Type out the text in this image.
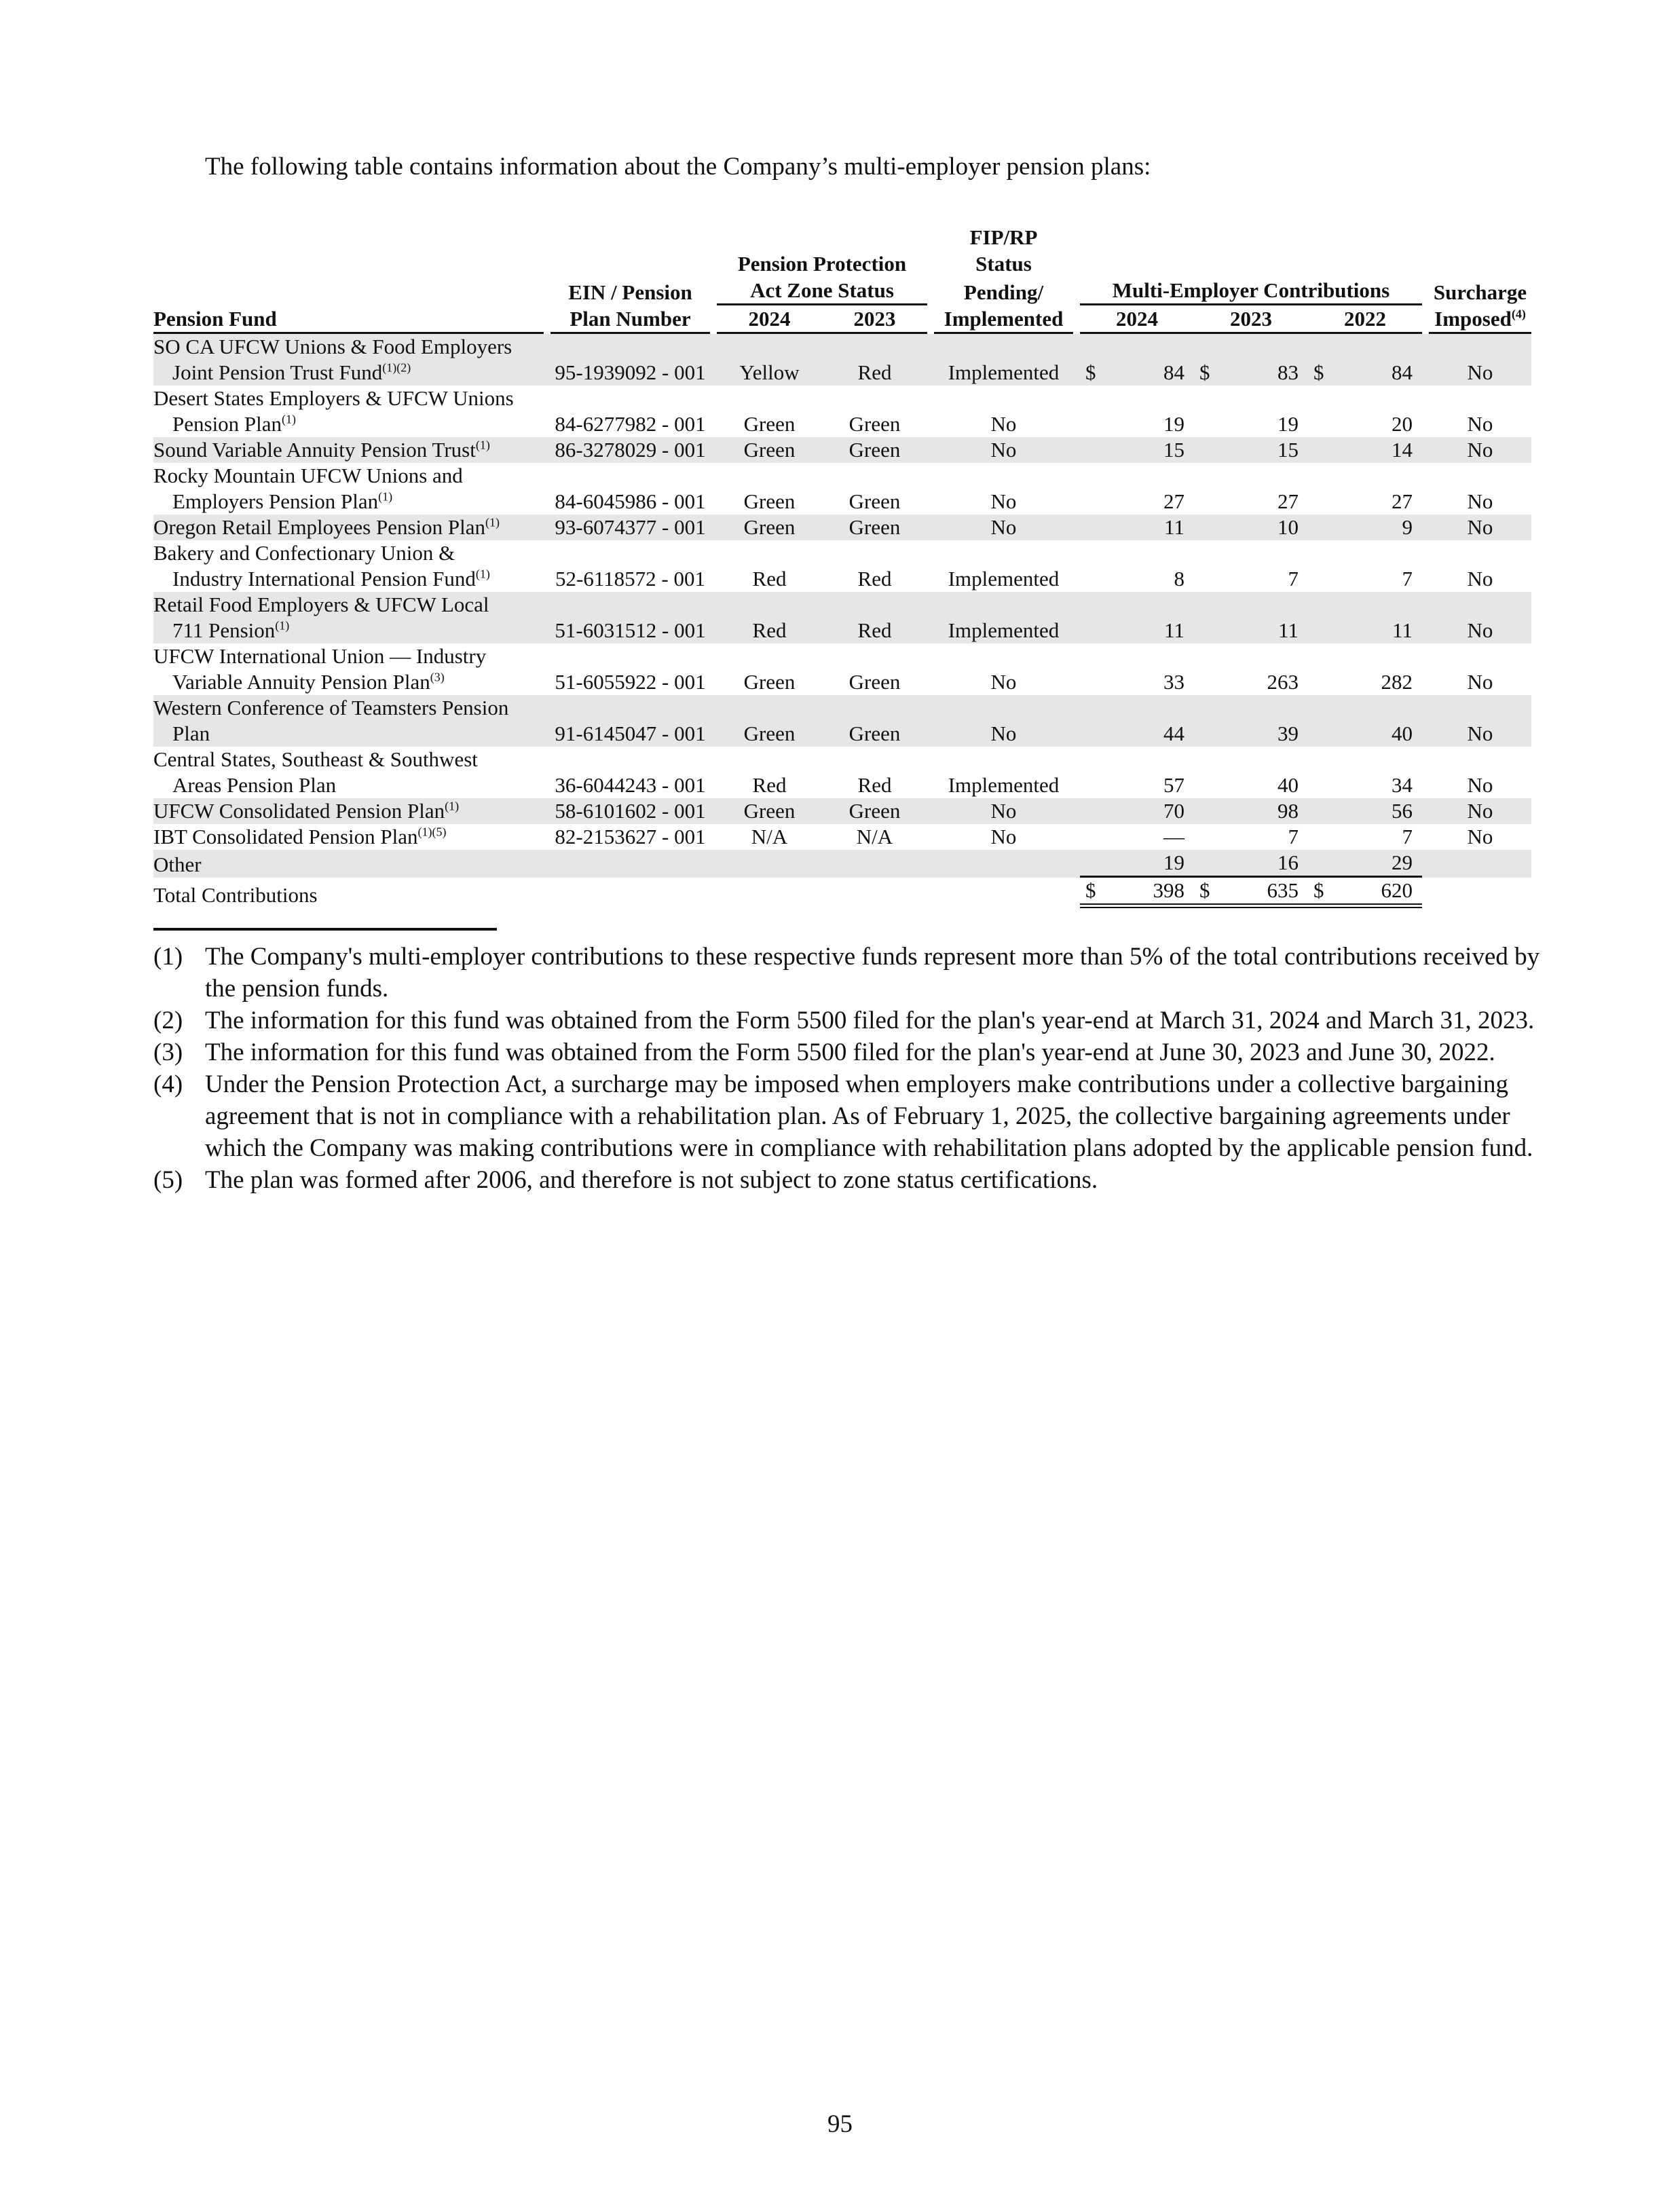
The following table contains information about the Company’s multi-employer pension plans:
							FIP/RP						
				Pension Protection			Status						
		EIN / Pension		Act Zone Status			Pending/		Multi-Employer Contributions				Surcharge

Pension Fund		Plan Number		2024	2023		Implemented		2024	2023	2022		Imposed$^{(4)}$

SO CA UFCW Unions & Food Employers
Joint Pension Trust Fund$^{(1)(2)}$		95-1939092 - 001		Yellow	Red		Implemented		$ 84	$ 83	$ 84		No
Desert States Employers & UFCW Unions
Pension Plan$^{(1)}$		84-6277982 - 001		Green	Green		No		19	19	20		No
Sound Variable Annuity Pension Trust$^{(1)}$		86-3278029 - 001		Green	Green		No		15	15	14		No
Rocky Mountain UFCW Unions and
Employers Pension Plan$^{(1)}$		84-6045986 - 001		Green	Green		No		27	27	27		No
Oregon Retail Employees Pension Plan$^{(1)}$		93-6074377 - 001		Green	Green		No		11	10	9		No
Bakery and Confectionary Union &
Industry International Pension Fund$^{(1)}$		52-6118572 - 001		Red	Red		Implemented		8	7	7		No
Retail Food Employers & UFCW Local
711 Pension$^{(1)}$		51-6031512 - 001		Red	Red		Implemented		11	11	11		No
UFCW International Union — Industry
Variable Annuity Pension Plan$^{(3)}$		51-6055922 - 001		Green	Green		No		33	263	282		No
Western Conference of Teamsters Pension
Plan		91-6145047 - 001		Green	Green		No		44	39	40		No
Central States, Southeast & Southwest
Areas Pension Plan		36-6044243 - 001		Red	Red		Implemented		57	40	34		No
UFCW Consolidated Pension Plan$^{(1)}$		58-6101602 - 001		Green	Green		No		70	98	56		No
IBT Consolidated Pension Plan$^{(1)(5)}$		82-2153627 - 001		N/A	N/A		No		—	7	7		No
Other									19	16	29		

Total Contributions									$ 398	$ 635	$ 620		

(1) The Company's multi-employer contributions to these respective funds represent more than 5% of the total contributions received by the pension funds.
(2) The information for this fund was obtained from the Form 5500 filed for the plan's year-end at March 31, 2024 and March 31, 2023.
(3) The information for this fund was obtained from the Form 5500 filed for the plan's year-end at June 30, 2023 and June 30, 2022.
(4) Under the Pension Protection Act, a surcharge may be imposed when employers make contributions under a collective bargaining agreement that is not in compliance with a rehabilitation plan. As of February 1, 2025, the collective bargaining agreements under which the Company was making contributions were in compliance with rehabilitation plans adopted by the applicable pension fund.
(5) The plan was formed after 2006, and therefore is not subject to zone status certifications.
95
